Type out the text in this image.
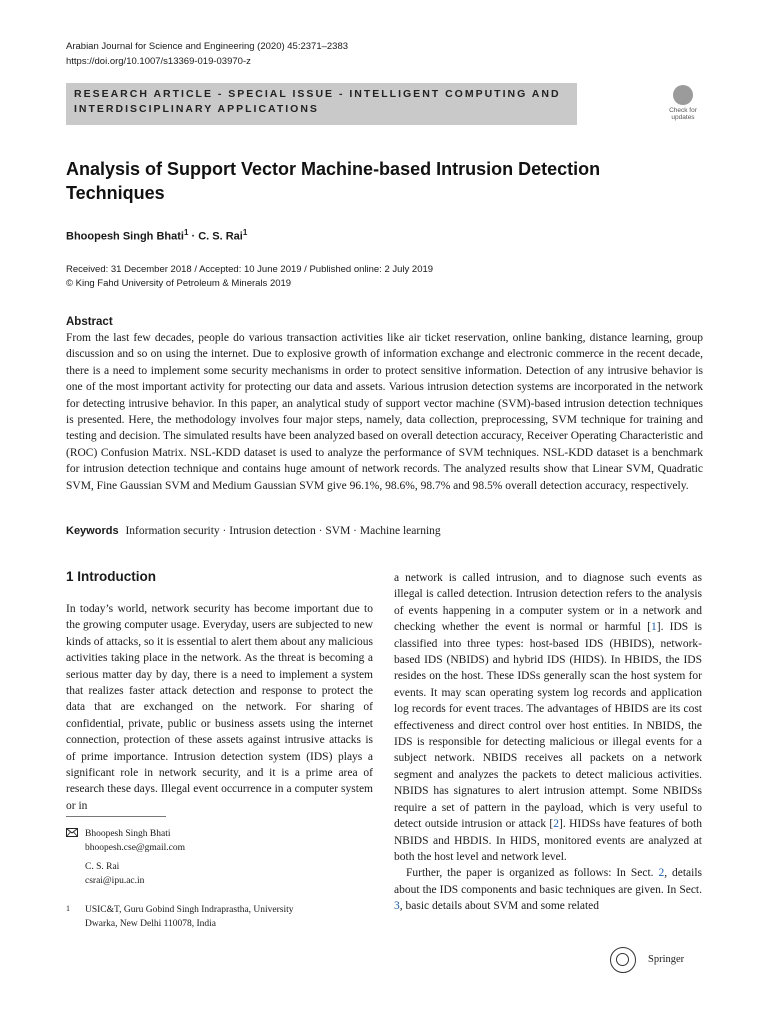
Arabian Journal for Science and Engineering (2020) 45:2371–2383
https://doi.org/10.1007/s13369-019-03970-z
RESEARCH ARTICLE - SPECIAL ISSUE - INTELLIGENT COMPUTING AND
INTERDISCIPLINARY APPLICATIONS	Check for
updates
Analysis of Support Vector Machine-based Intrusion Detection
Techniques
Bhoopesh Singh Bhati$^1$ · C. S. Rai$^1$
Received: 31 December 2018 / Accepted: 10 June 2019 / Published online: 2 July 2019
© King Fahd University of Petroleum & Minerals 2019
Abstract
From the last few decades, people do various transaction activities like air ticket reservation, online banking, distance learning, group discussion and so on using the internet. Due to explosive growth of information exchange and electronic commerce in the recent decade, there is a need to implement some security mechanisms in order to protect sensitive information. Detection of any intrusive behavior is one of the most important activity for protecting our data and assets. Various intrusion detection systems are incorporated in the network for detecting intrusive behavior. In this paper, an analytical study of support vector machine (SVM)-based intrusion detection techniques is presented. Here, the methodology involves four major steps, namely, data collection, preprocessing, SVM technique for training and testing and decision. The simulated results have been analyzed based on overall detection accuracy, Receiver Operating Characteristic and (ROC) Confusion Matrix. NSL-KDD dataset is used to analyze the performance of SVM techniques. NSL-KDD dataset is a benchmark for intrusion detection technique and contains huge amount of network records. The analyzed results show that Linear SVM, Quadratic SVM, Fine Gaussian SVM and Medium Gaussian SVM give 96.1%, 98.6%, 98.7% and 98.5% overall detection accuracy, respectively.
Keywords Information security · Intrusion detection · SVM · Machine learning
1 Introduction

In today’s world, network security has become important due to the growing computer usage. Everyday, users are subjected to new kinds of attacks, so it is essential to alert them about any malicious activities taking place in the network. As the threat is becoming a serious matter day by day, there is a need to implement a system that realizes faster attack detection and response to protect the data that are exchanged on the network. For sharing of confidential, private, public or business assets using the internet connection, protection of these assets against intrusive attacks is of prime importance. Intrusion detection system (IDS) plays a significant role in network security, and it is a prime area of research these days. Illegal event occurrence in a computer system or in

a network is called intrusion, and to diagnose such events as illegal is called detection. Intrusion detection refers to the analysis of events happening in a computer system or in a network and checking whether the event is normal or harmful [1]. IDS is classified into three types: host-based IDS (HBIDS), network-based IDS (NBIDS) and hybrid IDS (HIDS). In HBIDS, the IDS resides on the host. These IDSs generally scan the host system for events. It may scan operating system log records and application log records for event traces. The advantages of HBIDS are its cost effectiveness and direct control over host entities. In NBIDS, the IDS is responsible for detecting malicious or illegal events for a subject network. NBIDS receives all packets on a network segment and analyzes the packets to detect malicious activities. NBIDS has signatures to alert intrusion attempt. Some NBIDSs require a set of pattern in the payload, which is very useful to detect outside intrusion or attack [2]. HIDSs have features of both NBIDS and HBDIS. In HIDS, monitored events are analyzed at both the host level and network level.

Further, the paper is organized as follows: In Sect. 2, details about the IDS components and basic techniques are given. In Sect. 3, basic details about SVM and some related

Bhoopesh Singh Bhati
bhoopesh.cse@gmail.com
C. S. Rai
csrai@ipu.ac.in
1 USIC&T, Guru Gobind Singh Indraprastha, University
Dwarka, New Delhi 110078, India
Springer
